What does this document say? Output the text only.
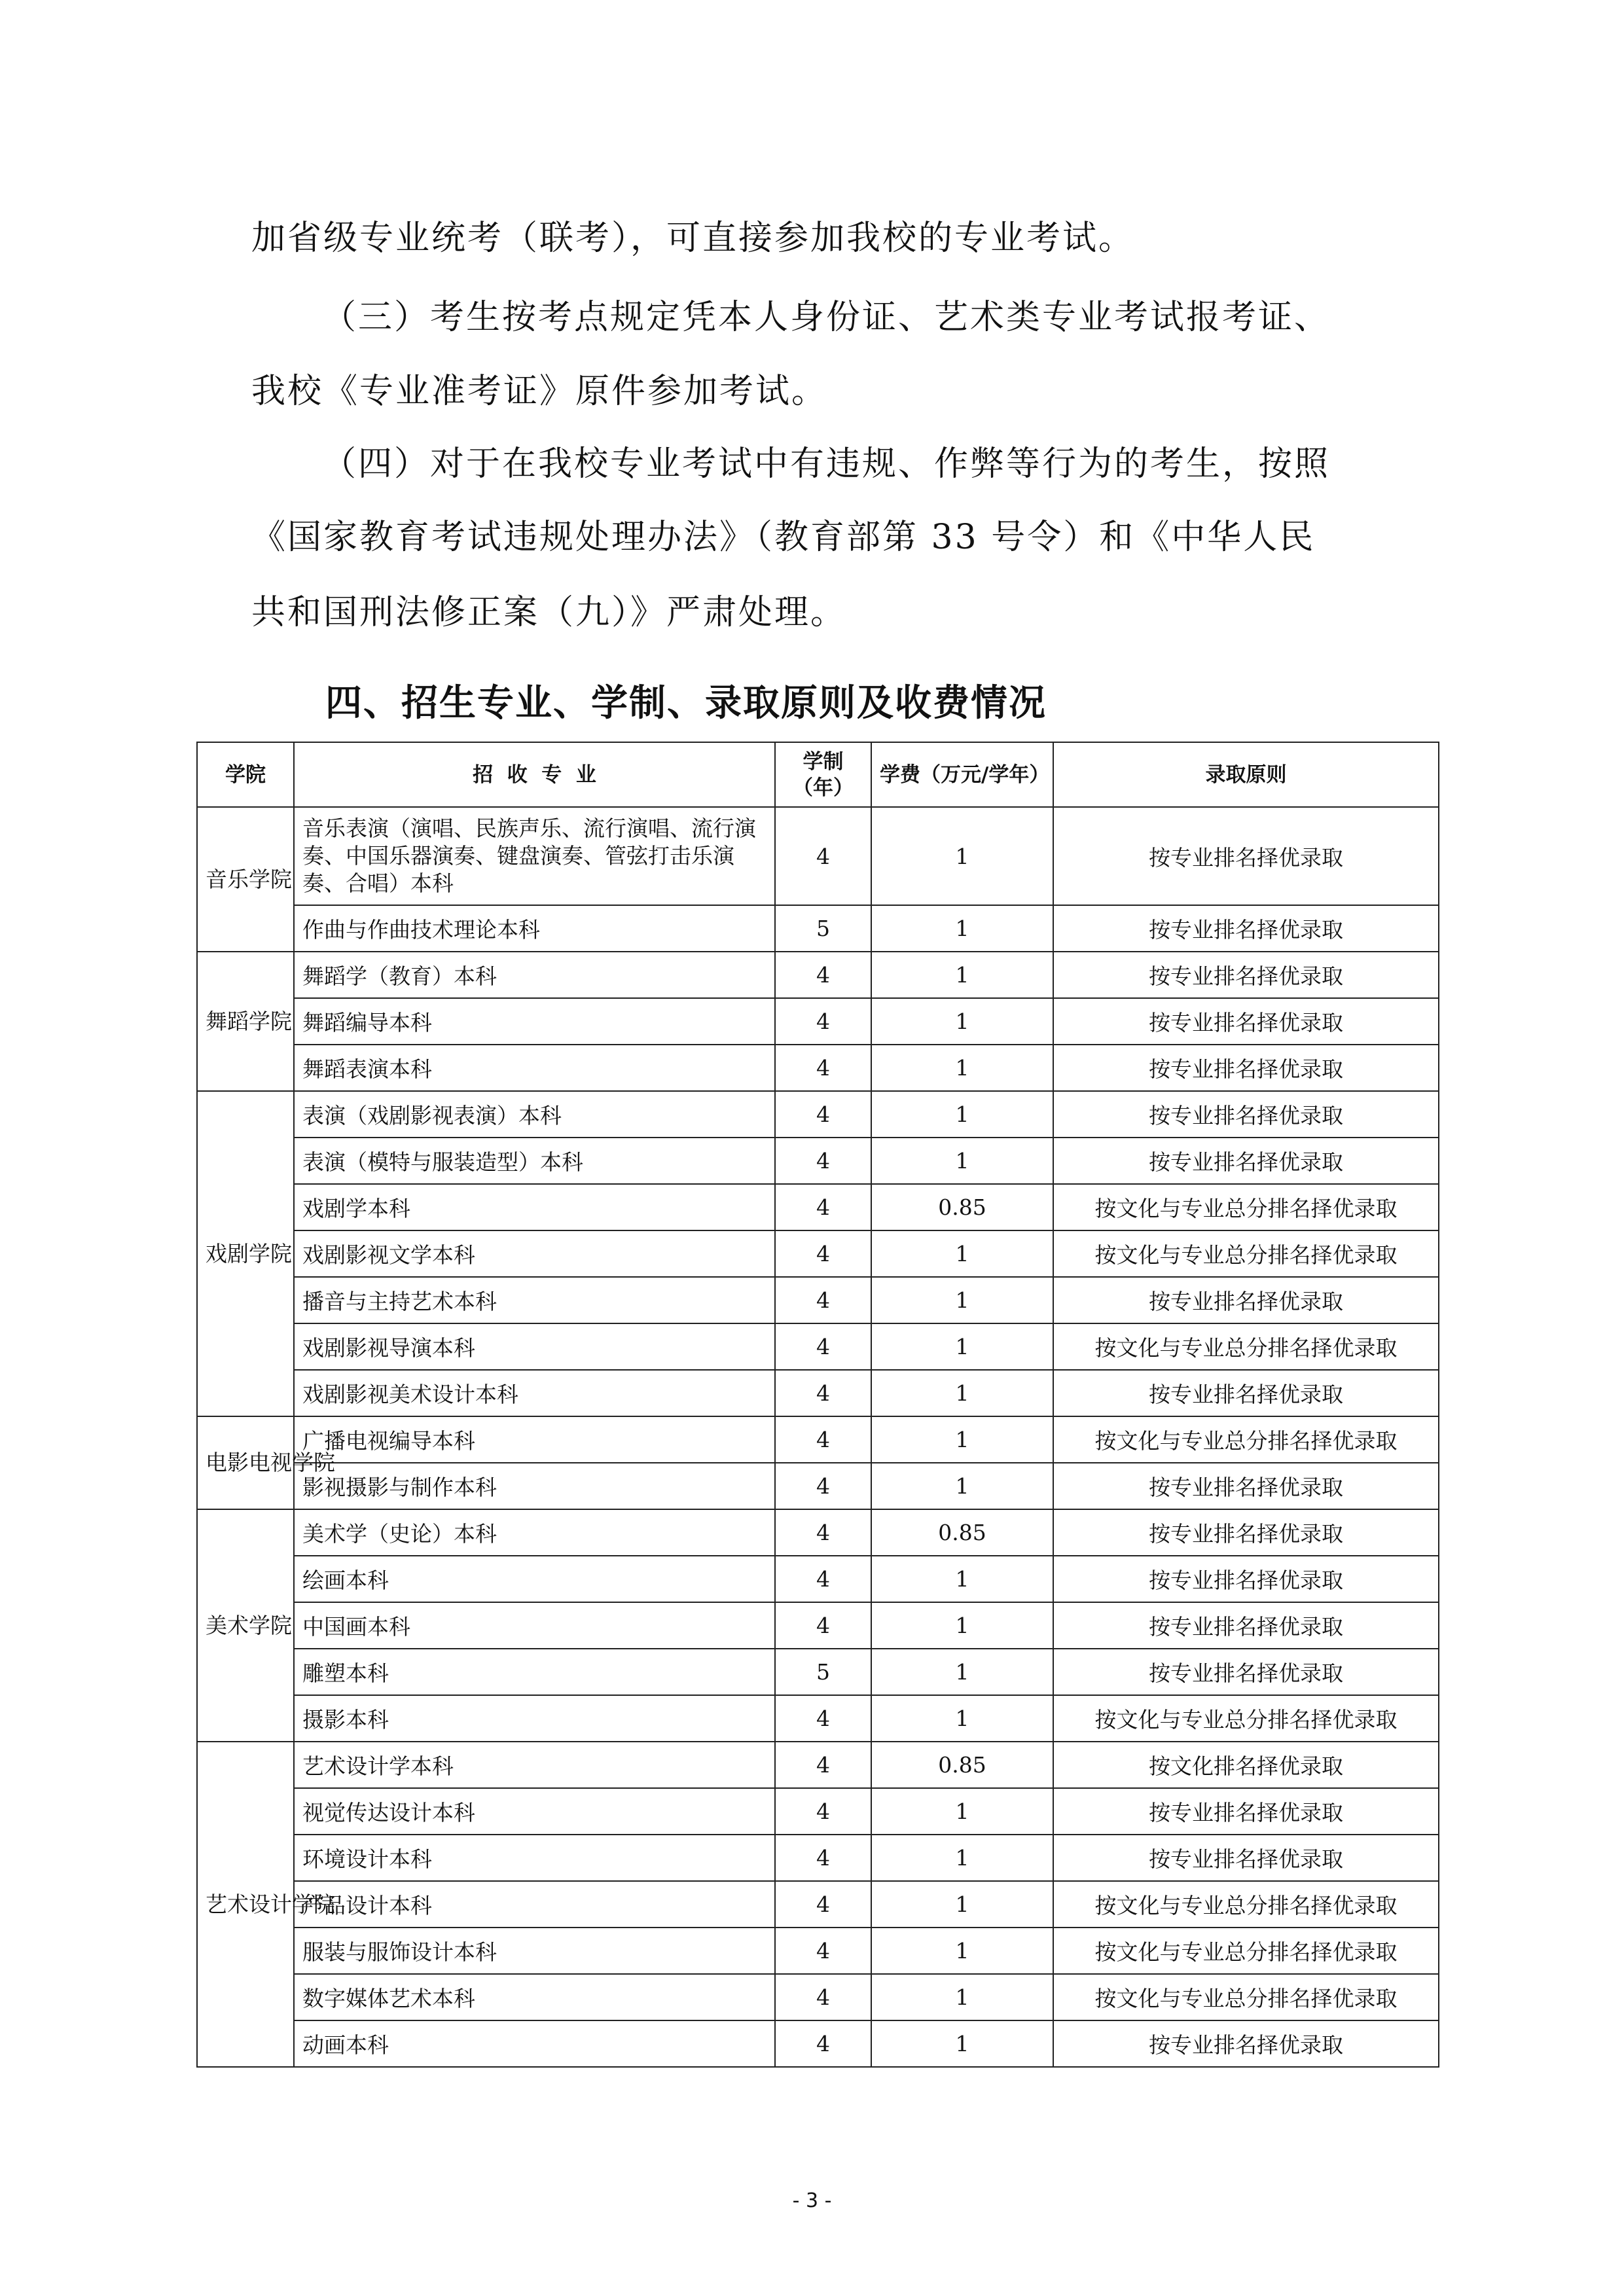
加省级专业统考（联考），可直接参加我校的专业考试。

（三）考生按考点规定凭本人身份证、艺术类专业考试报考证、

我校《专业准考证》原件参加考试。

（四）对于在我校专业考试中有违规、作弊等行为的考生，按照

《国家教育考试违规处理办法》（教育部第 33 号令）和《中华人民

共和国刑法修正案（九）》严肃处理。

四、招生专业、学制、录取原则及收费情况
学院	招  收  专  业	学制（年）	学费（万元/学年）	录取原则
音乐学院	音乐表演（演唱、民族声乐、流行演唱、流行演奏、中国乐器演奏、键盘演奏、管弦打击乐演奏、合唱）本科	4	1	按专业排名择优录取
	作曲与作曲技术理论本科	5	1	按专业排名择优录取
舞蹈学院	舞蹈学（教育）本科	4	1	按专业排名择优录取
	舞蹈编导本科	4	1	按专业排名择优录取
	舞蹈表演本科	4	1	按专业排名择优录取
戏剧学院	表演（戏剧影视表演）本科	4	1	按专业排名择优录取
	表演（模特与服装造型）本科	4	1	按专业排名择优录取
	戏剧学本科	4	0.85	按文化与专业总分排名择优录取
	戏剧影视文学本科	4	1	按文化与专业总分排名择优录取
	播音与主持艺术本科	4	1	按专业排名择优录取
	戏剧影视导演本科	4	1	按文化与专业总分排名择优录取
	戏剧影视美术设计本科	4	1	按专业排名择优录取
电影电视学院	广播电视编导本科	4	1	按文化与专业总分排名择优录取
	影视摄影与制作本科	4	1	按专业排名择优录取
美术学院	美术学（史论）本科	4	0.85	按专业排名择优录取
	绘画本科	4	1	按专业排名择优录取
	中国画本科	4	1	按专业排名择优录取
	雕塑本科	5	1	按专业排名择优录取
	摄影本科	4	1	按文化与专业总分排名择优录取
艺术设计学院	艺术设计学本科	4	0.85	按文化排名择优录取
	视觉传达设计本科	4	1	按专业排名择优录取
	环境设计本科	4	1	按专业排名择优录取
	产品设计本科	4	1	按文化与专业总分排名择优录取
	服装与服饰设计本科	4	1	按文化与专业总分排名择优录取
	数字媒体艺术本科	4	1	按文化与专业总分排名择优录取
	动画本科	4	1	按专业排名择优录取
- 3 -
